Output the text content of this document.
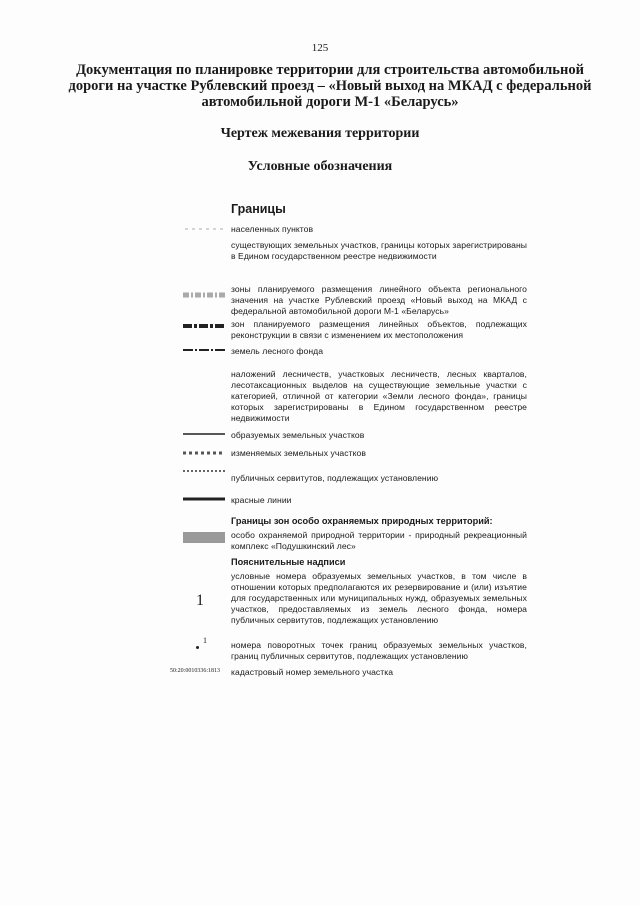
125
Документация по планировке территории для строительства автомобильной дороги на участке Рублевский проезд – «Новый выход на МКАД с федеральной автомобильной дороги М-1 «Беларусь»
Чертеж межевания территории
Условные обозначения
Границы
населенных пунктов
существующих земельных участков, границы которых зарегистрированы в Едином государственном реестре недвижимости
зоны планируемого размещения линейного объекта регионального значения на участке Рублевский проезд «Новый выход на МКАД с федеральной автомобильной дороги М-1 «Беларусь»
зон планируемого размещения линейных объектов, подлежащих реконструкции в связи с изменением их местоположения
земель лесного фонда
наложений лесничеств, участковых лесничеств, лесных кварталов, лесотаксационных выделов на существующие земельные участки с категорией, отличной от категории «Земли лесного фонда», границы которых зарегистрированы в Едином государственном реестре недвижимости
образуемых земельных участков
изменяемых земельных участков
публичных сервитутов, подлежащих установлению
красные линии
Границы зон особо охраняемых природных территорий:
особо охраняемой природной территории - природный рекреационный комплекс «Подушкинский лес»
Пояснительные надписи
1
условные номера образуемых земельных участков, в том числе в отношении которых предполагаются их резервирование и (или) изъятие для государственных или муниципальных нужд, образуемых земельных участков, предоставляемых из земель лесного фонда, номера публичных сервитутов, подлежащих установлению
1	номера поворотных точек границ образуемых земельных участков, границ публичных сервитутов, подлежащих установлению
50:20:0010336:1813 кадастровый номер земельного участка
